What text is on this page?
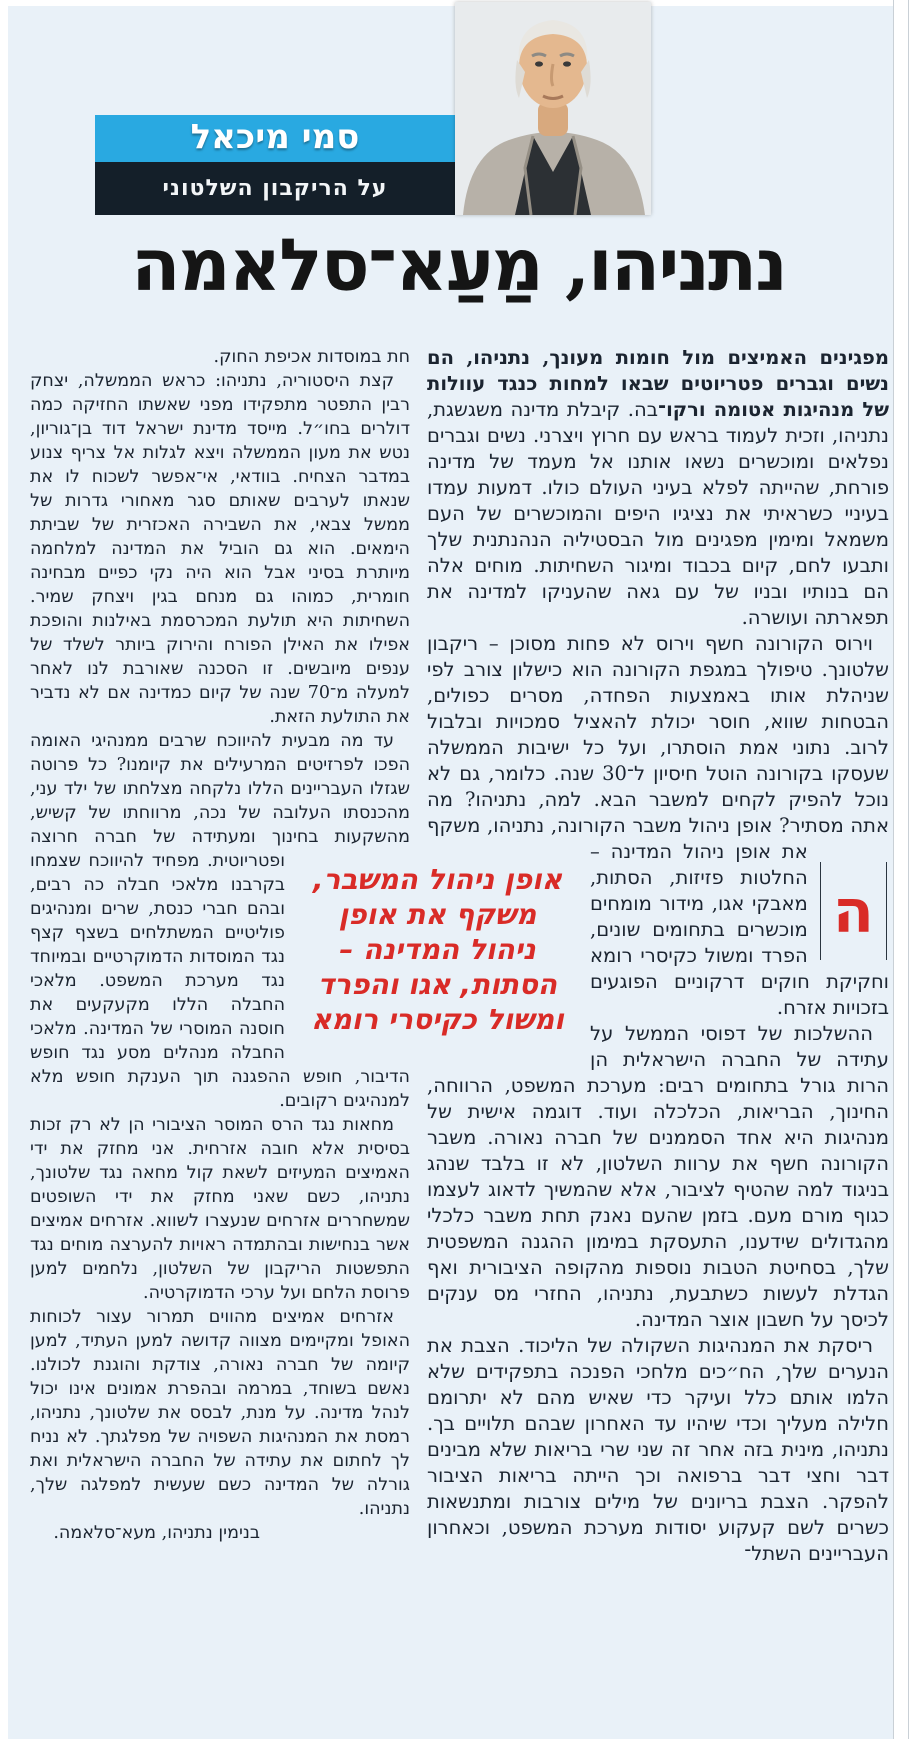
סמי מיכאל
על הריקבון השלטוני
נתניהו, מַעַא־סלאמה

ה
מפגינים האמיצים מול חומות מעונך, נתניהו, הם נשים וגברים פטריוטים שבאו למחות כנגד עוולות של מנהיגות אטומה ורקו־בה. קיבלת מדינה משגשגת, נתניהו, וזכית לעמוד בראש עם חרוץ ויצרני. נשים וגברים נפלאים ומוכשרים נשאו אותנו אל מעמד של מדינה פורחת, שהייתה לפלא בעיני העולם כולו. דמעות עמדו בעיניי כשראיתי את נציגיו היפים והמוכשרים של העם משמאל ומימין מפגינים מול הבסטיליה הנהנתנית שלך ותבעו לחם, קיום בכבוד ומיגור השחיתות. מוחים אלה הם בנותיו ובניו של עם גאה שהעניקו למדינה את תפארתה ועושרה.

וירוס הקורונה חשף וירוס לא פחות מסוכן – ריקבון שלטונך. טיפולך במגפת הקורונה הוא כישלון צורב לפי שניהלת אותו באמצעות הפחדה, מסרים כפולים, הבטחות שווא, חוסר יכולת להאציל סמכויות ובלבול לרוב. נתוני אמת הוסתרו, ועל כל ישיבות הממשלה שעסקו בקורונה הוטל חיסיון ל־30 שנה. כלומר, גם לא נוכל להפיק לקחים למשבר הבא. למה, נתניהו? מה אתה מסתיר? אופן ניהול משבר הקורונה, נתניהו, משקף את אופן ניהול המדינה – החלטות פזיזות, הסתות, מאבקי אגו, מידור מומחים מוכשרים בתחומים שונים, הפרד ומשול כקיסרי רומא וחקיקת חוקים דרקוניים הפוגעים בזכויות אזרח.

ההשלכות של דפוסי הממשל על עתידה של החברה הישראלית הן הרות גורל בתחומים רבים: מערכת המשפט, הרווחה, החינוך, הבריאות, הכלכלה ועוד. דוגמה אישית של מנהיגות היא אחד הסממנים של חברה נאורה. משבר הקורונה חשף את ערוות השלטון, לא זו בלבד שנהג בניגוד למה שהטיף לציבור, אלא שהמשיך לדאוג לעצמו כגוף מורם מעם. בזמן שהעם נאנק תחת משבר כלכלי מהגדולים שידענו, התעסקת במימון ההגנה המשפטית שלך, בסחיטת הטבות נוספות מהקופה הציבורית ואף הגדלת לעשות כשתבעת, נתניהו, החזרי מס ענקים לכיסך על חשבון אוצר המדינה.

ריסקת את המנהיגות השקולה של הליכוד. הצבת את הנערים שלך, הח״כים מלחכי הפנכה בתפקידים שלא הלמו אותם כלל ועיקר כדי שאיש מהם לא יתרומם חלילה מעליך וכדי שיהיו עד האחרון שבהם תלויים בך. נתניהו, מינית בזה אחר זה שני שרי בריאות שלא מבינים דבר וחצי דבר ברפואה וכך הייתה בריאות הציבור להפקר. הצבת בריונים של מילים צורבות ומתנשאות כשרים לשם קעקוע יסודות מערכת המשפט, וכאחרון העבריינים השתל־

חת במוסדות אכיפת החוק.

קצת היסטוריה, נתניהו: כראש הממשלה, יצחק רבין התפטר מתפקידו מפני שאשתו החזיקה כמה דולרים בחו״ל. מייסד מדינת ישראל דוד בן־גוריון, נטש את מעון הממשלה ויצא לגלות אל צריף צנוע במדבר הצחיח. בוודאי, אי־אפשר לשכוח לו את שנאתו לערבים שאותם סגר מאחורי גדרות של ממשל צבאי, את השבירה האכזרית של שביתת הימאים. הוא גם הוביל את המדינה למלחמה מיותרת בסיני אבל הוא היה נקי כפיים מבחינה חומרית, כמוהו גם מנחם בגין ויצחק שמיר. השחיתות היא תולעת המכרסמת באילנות והופכת אפילו את האילן הפורח והירוק ביותר לשלד של ענפים מיובשים. זו הסכנה שאורבת לנו לאחר למעלה מ־70 שנה של קיום כמדינה אם לא נדביר את התולעת הזאת.

עד מה מבעית להיווכח שרבים ממנהיגי האומה הפכו לפרזיטים המרעילים את קיומנו? כל פרוטה שגזלו העבריינים הללו נלקחה מצלחתו של ילד עני, מהכנסתו העלובה של נכה, מרווחתו של קשיש, מהשקעות בחינוך ומעתידה של חברה חרוצה ופטריוטית. מפחיד להיווכח שצמחו בקרבנו מלאכי חבלה כה רבים, ובהם חברי כנסת, שרים ומנהיגים פוליטיים המשתלחים בשצף קצף נגד המוסדות הדמוקרטיים ובמיוחד נגד מערכת המשפט. מלאכי החבלה הללו מקעקעים את חוסנה המוסרי של המדינה. מלאכי החבלה מנהלים מסע נגד חופש הדיבור, חופש ההפגנה תוך הענקת חופש מלא למנהיגים רקובים.

מחאות נגד הרס המוסר הציבורי הן לא רק זכות בסיסית אלא חובה אזרחית. אני מחזק את ידי האמיצים המעיזים לשאת קול מחאה נגד שלטונך, נתניהו, כשם שאני מחזק את ידי השופטים שמשחררים אזרחים שנעצרו לשווא. אזרחים אמיצים אשר בנחישות ובהתמדה ראויות להערצה מוחים נגד התפשטות הריקבון של השלטון, נלחמים למען פרוסת הלחם ועל ערכי הדמוקרטיה.

אזרחים אמיצים מהווים תמרור עצור לכוחות האופל ומקיימים מצווה קדושה למען העתיד, למען קיומה של חברה נאורה, צודקת והוגנת לכולנו. נאשם בשוחד, במרמה ובהפרת אמונים אינו יכול לנהל מדינה. על מנת, לבסס את שלטונך, נתניהו, רמסת את המנהיגות השפויה של מפלגתך. לא נניח לך לחתום את עתידה של החברה הישראלית ואת גורלה של המדינה כשם שעשית למפלגה שלך, נתניהו.

בנימין נתניהו, מעא־סלאמה.

אופן ניהול המשבר,
משקף את אופן
ניהול המדינה –
הסתות, אגו והפרד
ומשול כקיסרי רומא
